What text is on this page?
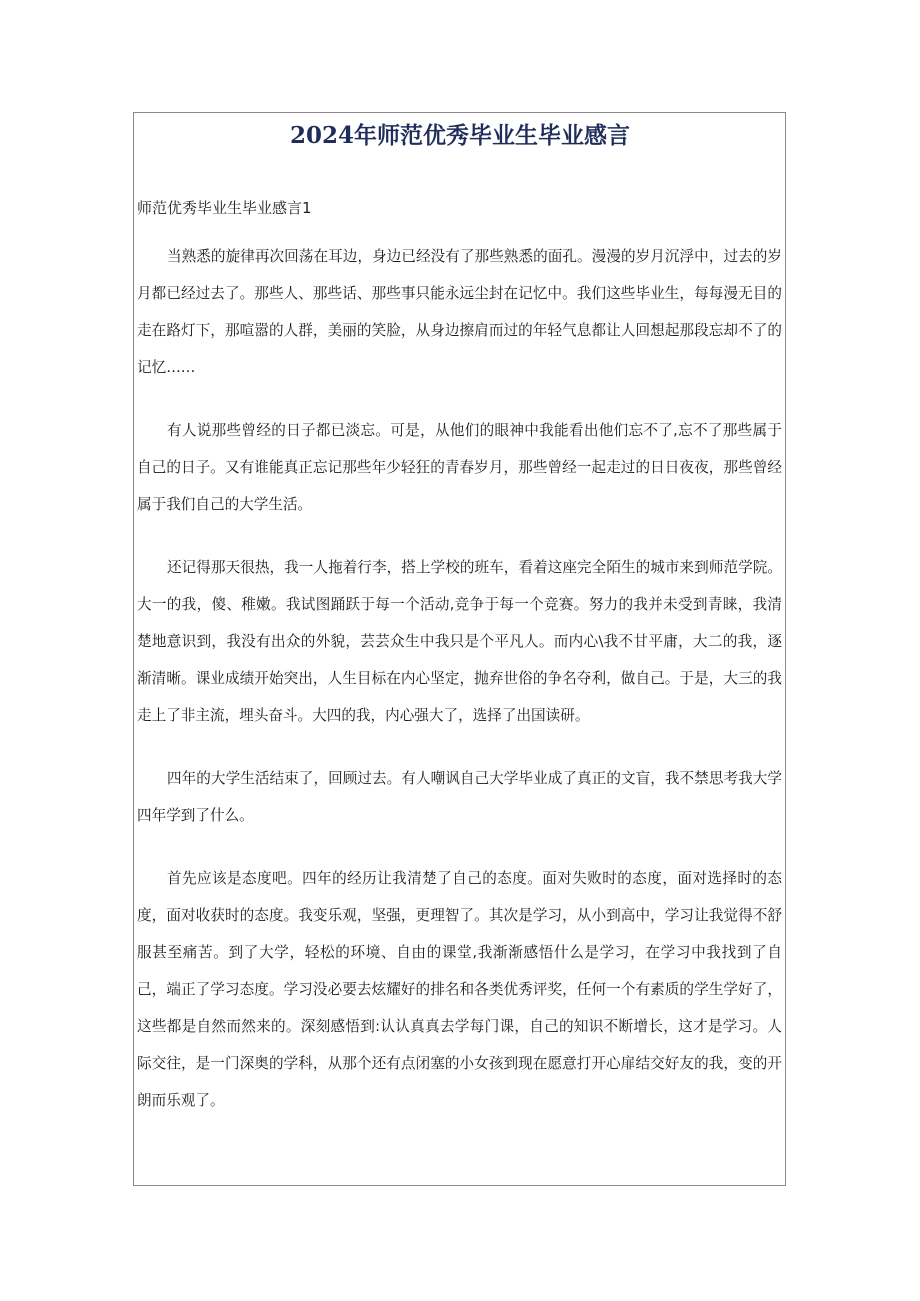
2024年师范优秀毕业生毕业感言
师范优秀毕业生毕业感言1

当熟悉的旋律再次回荡在耳边，身边已经没有了那些熟悉的面孔。漫漫的岁月沉浮中，过去的岁月都已经过去了。那些人、那些话、那些事只能永远尘封在记忆中。我们这些毕业生，每每漫无目的走在路灯下，那喧嚣的人群，美丽的笑脸，从身边擦肩而过的年轻气息都让人回想起那段忘却不了的记忆……

有人说那些曾经的日子都已淡忘。可是，从他们的眼神中我能看出他们忘不了,忘不了那些属于自己的日子。又有谁能真正忘记那些年少轻狂的青春岁月，那些曾经一起走过的日日夜夜，那些曾经属于我们自己的大学生活。

还记得那天很热，我一人拖着行李，搭上学校的班车，看着这座完全陌生的城市来到师范学院。大一的我，傻、稚嫩。我试图踊跃于每一个活动,竞争于每一个竞赛。努力的我并未受到青睐，我清楚地意识到，我没有出众的外貌，芸芸众生中我只是个平凡人。而内心\我不甘平庸，大二的我，逐渐清晰。课业成绩开始突出，人生目标在内心坚定，抛弃世俗的争名夺利，做自己。于是，大三的我走上了非主流，埋头奋斗。大四的我，内心强大了，选择了出国读研。

四年的大学生活结束了，回顾过去。有人嘲讽自己大学毕业成了真正的文盲，我不禁思考我大学四年学到了什么。

首先应该是态度吧。四年的经历让我清楚了自己的态度。面对失败时的态度，面对选择时的态度，面对收获时的态度。我变乐观，坚强，更理智了。其次是学习，从小到高中，学习让我觉得不舒服甚至痛苦。到了大学，轻松的环境、自由的课堂,我渐渐感悟什么是学习，在学习中我找到了自己，端正了学习态度。学习没必要去炫耀好的排名和各类优秀评奖，任何一个有素质的学生学好了，这些都是自然而然来的。深刻感悟到:认认真真去学每门课，自己的知识不断增长，这才是学习。人际交往，是一门深奥的学科，从那个还有点闭塞的小女孩到现在愿意打开心扉结交好友的我，变的开朗而乐观了。
